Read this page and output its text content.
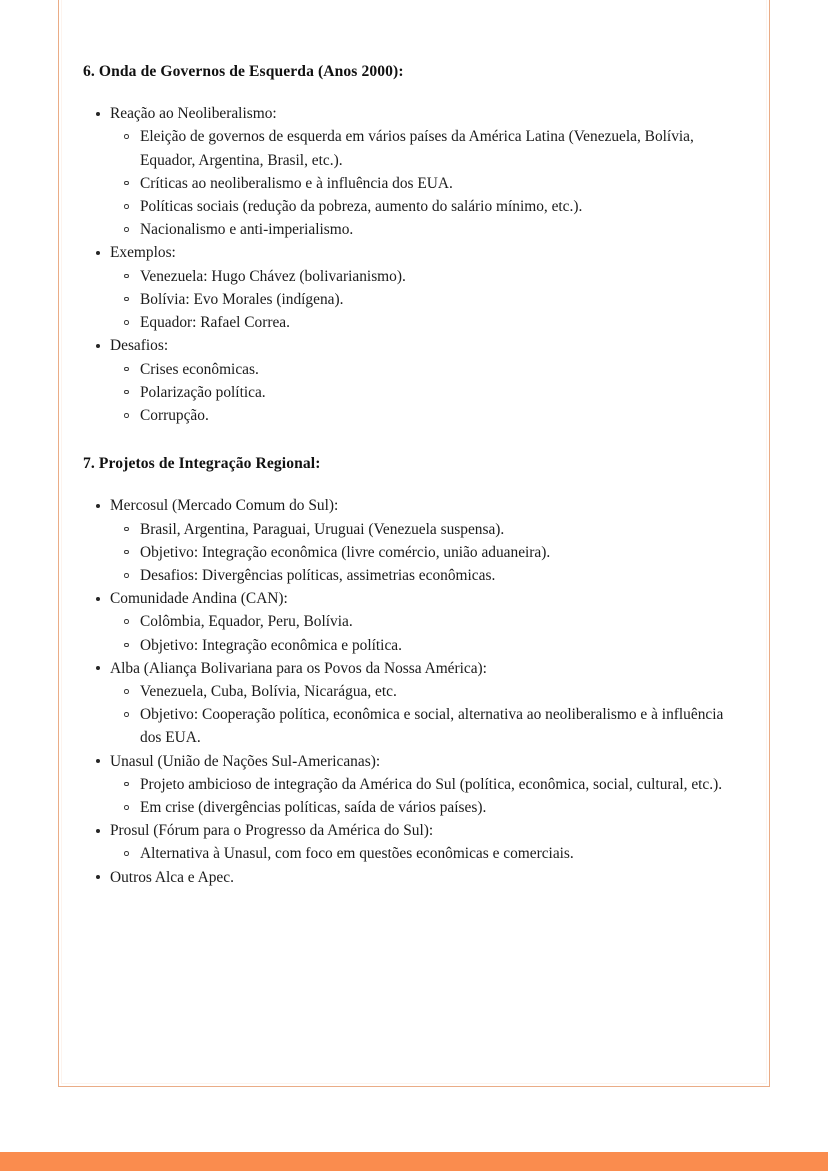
6. Onda de Governos de Esquerda (Anos 2000):
Reação ao Neoliberalismo:
Eleição de governos de esquerda em vários países da América Latina (Venezuela, Bolívia, Equador, Argentina, Brasil, etc.).
Críticas ao neoliberalismo e à influência dos EUA.
Políticas sociais (redução da pobreza, aumento do salário mínimo, etc.).
Nacionalismo e anti-imperialismo.
Exemplos:
Venezuela: Hugo Chávez (bolivarianismo).
Bolívia: Evo Morales (indígena).
Equador: Rafael Correa.
Desafios:
Crises econômicas.
Polarização política.
Corrupção.
7. Projetos de Integração Regional:
Mercosul (Mercado Comum do Sul):
Brasil, Argentina, Paraguai, Uruguai (Venezuela suspensa).
Objetivo: Integração econômica (livre comércio, união aduaneira).
Desafios: Divergências políticas, assimetrias econômicas.
Comunidade Andina (CAN):
Colômbia, Equador, Peru, Bolívia.
Objetivo: Integração econômica e política.
Alba (Aliança Bolivariana para os Povos da Nossa América):
Venezuela, Cuba, Bolívia, Nicarágua, etc.
Objetivo: Cooperação política, econômica e social, alternativa ao neoliberalismo e à influência dos EUA.
Unasul (União de Nações Sul-Americanas):
Projeto ambicioso de integração da América do Sul (política, econômica, social, cultural, etc.).
Em crise (divergências políticas, saída de vários países).
Prosul (Fórum para o Progresso da América do Sul):
Alternativa à Unasul, com foco em questões econômicas e comerciais.
Outros Alca e Apec.
